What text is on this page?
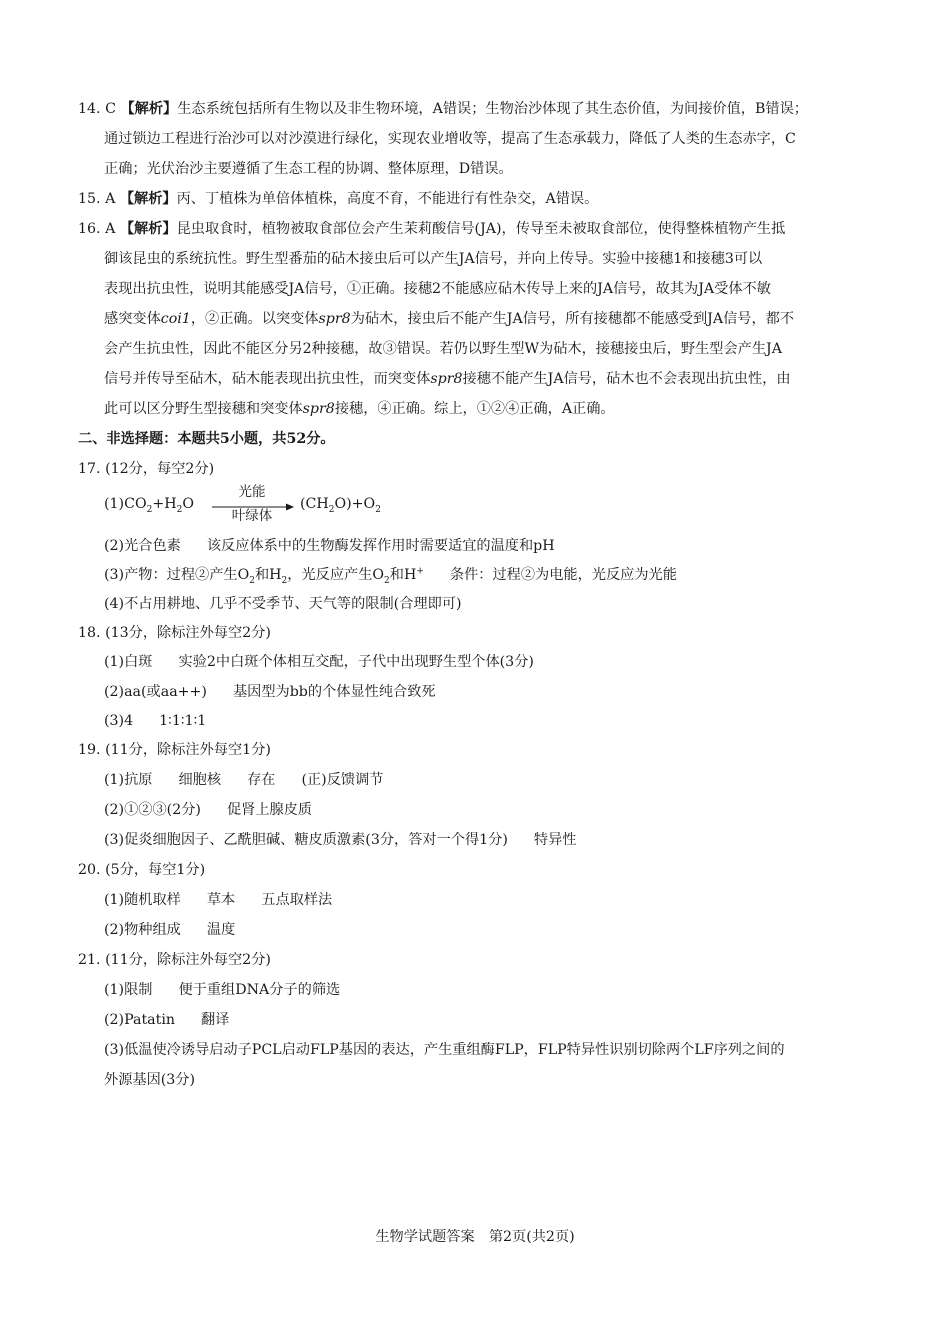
14. C 【解析】生态系统包括所有生物以及非生物环境，A错误；生物治沙体现了其生态价值，为间接价值，B错误；
通过锁边工程进行治沙可以对沙漠进行绿化，实现农业增收等，提高了生态承载力，降低了人类的生态赤字，C
正确；光伏治沙主要遵循了生态工程的协调、整体原理，D错误。
15. A 【解析】丙、丁植株为单倍体植株，高度不育，不能进行有性杂交，A错误。
16. A 【解析】昆虫取食时，植物被取食部位会产生茉莉酸信号(JA)，传导至未被取食部位，使得整株植物产生抵
御该昆虫的系统抗性。野生型番茄的砧木接虫后可以产生JA信号，并向上传导。实验中接穗1和接穗3可以
表现出抗虫性，说明其能感受JA信号，①正确。接穗2不能感应砧木传导上来的JA信号，故其为JA受体不敏
感突变体coi1，②正确。以突变体spr8为砧木，接虫后不能产生JA信号，所有接穗都不能感受到JA信号，都不
会产生抗虫性，因此不能区分另2种接穗，故③错误。若仍以野生型W为砧木，接穗接虫后，野生型会产生JA
信号并传导至砧木，砧木能表现出抗虫性，而突变体spr8接穗不能产生JA信号，砧木也不会表现出抗虫性，由
此可以区分野生型接穗和突变体spr8接穗，④正确。综上，①②④正确，A正确。
二、非选择题：本题共5小题，共52分。
17. (12分，每空2分)
$(1)CO_2+H_2O$
光能
叶绿体
$(CH_2O)+O_2$
(2)光合色素 该反应体系中的生物酶发挥作用时需要适宜的温度和pH
(3)产物：过程②产生$O_2$和$H_2$，光反应产生$O_2$和H+ 条件：过程②为电能，光反应为光能
(4)不占用耕地、几乎不受季节、天气等的限制(合理即可)
18. (13分，除标注外每空2分)
(1)白斑 实验2中白斑个体相互交配，子代中出现野生型个体(3分)
(2)aa(或aa++) 基因型为bb的个体显性纯合致死
(3)4 1∶1∶1∶1
19. (11分，除标注外每空1分)
(1)抗原 细胞核 存在 (正)反馈调节
(2)①②③(2分) 促肾上腺皮质
(3)促炎细胞因子、乙酰胆碱、糖皮质激素(3分，答对一个得1分) 特异性
20. (5分，每空1分)
(1)随机取样 草本 五点取样法
(2)物种组成 温度
21. (11分，除标注外每空2分)
(1)限制 便于重组DNA分子的筛选
(2)Patatin 翻译
(3)低温使冷诱导启动子PCL启动FLP基因的表达，产生重组酶FLP，FLP特异性识别切除两个LF序列之间的
外源基因(3分)
生物学试题答案　第2页(共2页)
